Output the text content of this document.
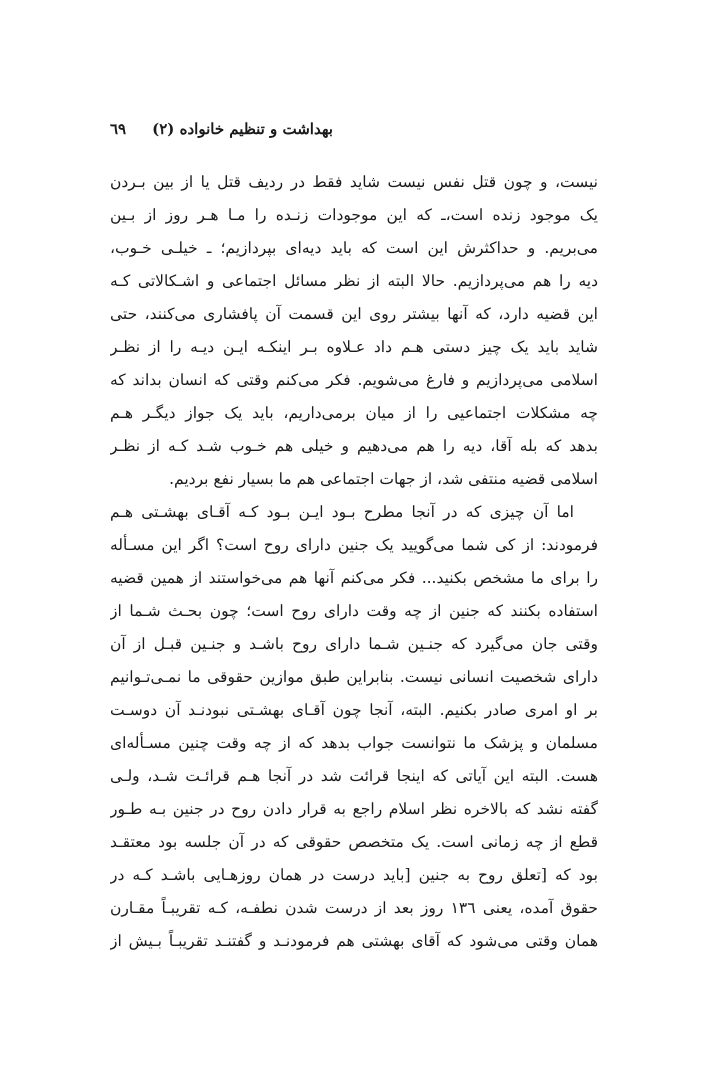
بهداشت و تنظیم خانواده (۲)
٦٩
نیست، و چون قتل نفس نیست شاید فقط در ردیف قتل یا از بین بـردن
یک موجود زنده است،ـ که این موجودات زنـده را مـا هـر روز از بـین
می‌بریم. و حداکثرش این است که باید دیه‌ای بپردازیم؛ ـ خیلـی خـوب،
دیه را هم می‌پردازیم. حالا البته از نظر مسائل اجتماعی و اشـکالاتی کـه
این قضیه دارد، که آنها بیشتر روی این قسمت آن پافشاری می‌کنند، حتی
شاید باید یک چیز دستی هـم داد عـلاوه بـر اینکـه ایـن دیـه را از نظـر
اسلامی می‌پردازیم و فارغ می‌شویم. فکر می‌کنم وقتی که انسان بداند که
چه مشکلات اجتماعیی را از میان برمی‌داریم، باید یک جواز دیگـر هـم
بدهد که بله آقا، دیه را هم می‌دهیم و خیلی هم خـوب شـد کـه از نظـر
اسلامی قضیه منتفی شد، از جهات اجتماعی هم ما بسیار نفع بردیم.
اما آن چیزی که در آنجا مطرح بـود ایـن بـود کـه آقـای بهشـتی هـم
فرمودند: از کی شما می‌گویید یک جنین دارای روح است؟ اگر این مسـأله
را برای ما مشخص بکنید... فکر می‌کنم آنها هم می‌خواستند از همین قضیه
استفاده بکنند که جنین از چه وقت دارای روح است؛ چون بحـث شـما از
وقتی جان می‌گیرد که جنـین شـما دارای روح باشـد و جنـین قبـل از آن
دارای شخصیت انسانی نیست. بنابراین طبق موازین حقوقی ما نمـی‌تـوانیم
بر او امری صادر بکنیم. البته، آنجا چون آقـای بهشـتی نبودنـد آن دوسـت
مسلمان و پزشک ما نتوانست جواب بدهد که از چه وقت چنین مسـأله‌ای
هست. البته این آیاتی که اینجا قرائت شد در آنجا هـم قرائـت شـد، ولـی
گفته نشد که بالاخره نظر اسلام راجع به قرار دادن روح در جنین بـه طـور
قطع از چه زمانی است. یک متخصص حقوقی که در آن جلسه بود معتقـد
بود که [تعلق روح به جنین [باید درست در همان روزهـایی باشـد کـه در
حقوق آمده، یعنی ١٣٦ روز بعد از درست شدن نطفـه، کـه تقریبـاً مقـارن
همان وقتی می‌شود که آقای بهشتی هم فرمودنـد و گفتنـد تقریبـاً بـیش از
